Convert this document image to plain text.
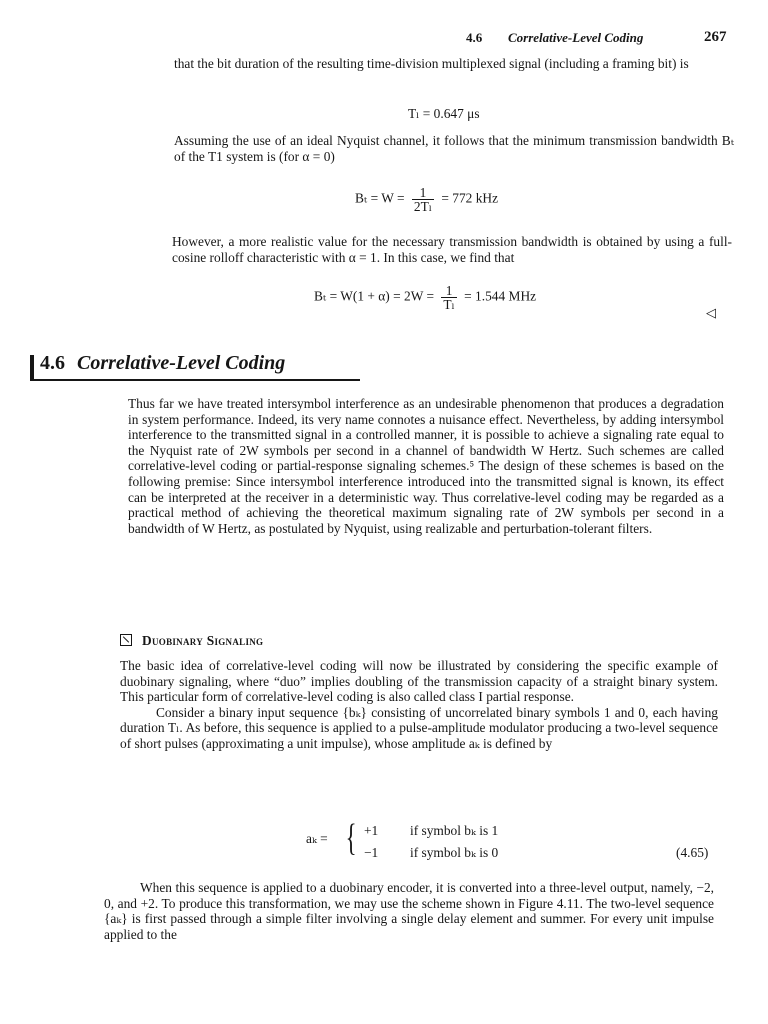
4.6 Correlative-Level Coding	267

that the bit duration of the resulting time-division multiplexed signal (including a framing bit) is

Tₗ = 0.647 μs

Assuming the use of an ideal Nyquist channel, it follows that the minimum transmission bandwidth Bₜ of the T1 system is (for α = 0)

$B_t = W = \frac{1}{\text{2Tₗ}} = 772$ kHz

However, a more realistic value for the necessary transmission bandwidth is obtained by using a full-cosine rolloff characteristic with α = 1. In this case, we find that

$B_t = W(1 + \alpha) = 2W = \frac{1}{\text{Tₗ}} = 1.544$ MHz
◁
4.6 Correlative-Level Coding

Thus far we have treated intersymbol interference as an undesirable phenomenon that produces a degradation in system performance. Indeed, its very name connotes a nuisance effect. Nevertheless, by adding intersymbol interference to the transmitted signal in a controlled manner, it is possible to achieve a signaling rate equal to the Nyquist rate of 2W symbols per second in a channel of bandwidth W Hertz. Such schemes are called correlative-level coding or partial-response signaling schemes.⁵ The design of these schemes is based on the following premise: Since intersymbol interference introduced into the transmitted signal is known, its effect can be interpreted at the receiver in a deterministic way. Thus correlative-level coding may be regarded as a practical method of achieving the theoretical maximum signaling rate of 2W symbols per second in a bandwidth of W Hertz, as postulated by Nyquist, using realizable and perturbation-tolerant filters.

Duobinary Signaling

The basic idea of correlative-level coding will now be illustrated by considering the specific example of duobinary signaling, where “duo” implies doubling of the transmission capacity of a straight binary system. This particular form of correlative-level coding is also called class I partial response.

Consider a binary input sequence {bₖ} consisting of uncorrelated binary symbols 1 and 0, each having duration Tₗ. As before, this sequence is applied to a pulse-amplitude modulator producing a two-level sequence of short pulses (approximating a unit impulse), whose amplitude aₖ is defined by

aₖ = { +1 if symbol bₖ is 1
−1 if symbol bₖ is 0	(4.65)

When this sequence is applied to a duobinary encoder, it is converted into a three-level output, namely, −2, 0, and +2. To produce this transformation, we may use the scheme shown in Figure 4.11. The two-level sequence {aₖ} is first passed through a simple filter involving a single delay element and summer. For every unit impulse applied to the
